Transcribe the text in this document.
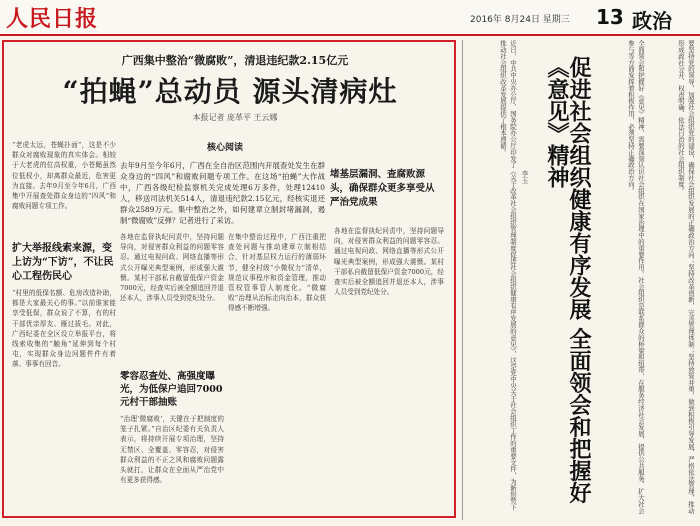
人民日报	2016年 8月24日 星期三 13 政治
广西集中整治“微腐败”，清退违纪款2.15亿元
“拍蝇”总动员 源头清病灶
本报记者 庞革平 王云娜
“老虎太远，苍蝇扑面”，这是不少群众对腐败现象的真实体会。相较于大老虎的位高权重，小苍蝇虽然位低权小，却离群众最近，危害更为直接。去年9月至今年6月，广西集中开展查处群众身边的“四风”和腐败问题专项工作。
核心阅读
去年9月至今年6月，广西在全自治区范围内开展查处发生在群众身边的“四风”和腐败问题专项工作。在这场“拍蝇”大作战中，广西各级纪检监察机关完成处理6万多件，处理12410人，移送司法机关514人，清退违纪款2.15亿元，经核实退还群众2589万元。集中整治之外，如何建章立制封堵漏洞，遏制“微腐败”反弹？记者进行了采访。
堵基层漏洞、查腐败源头，确保群众更多享受从严治党成果
扩大举报线索来源，变上访为“下访”，不让民心工程伤民心
“村里的低保名额、危房改造补助，都是大家最关心的事。”以前谁家能享受低保，群众说了不算，有的村干部优亲厚友、雁过拔毛。对此，广西纪委在全区设立举报平台，将线索收集的“触角”延伸到每个村屯，实现群众身边问题件件有着落、事事有回音。
各地在监督执纪问责中，坚持问题导向，对侵害群众利益的问题零容忍。通过电视问政、网络直播等形式公开曝光典型案例，形成强大震慑。某村干部私自截留低保户资金7000元，经查实后被全额追回并退还本人，涉事人员受到党纪处分。
零容忍查处、高强度曝光，为低保户追回7000元村干部抽账
“治理‘微腐败’，关键在于把制度的笼子扎紧。”自治区纪委有关负责人表示，将持续开展专项治理，坚持无禁区、全覆盖、零容忍，对侵害群众利益的不正之风和腐败问题露头就打，让群众在全面从严治党中有更多获得感。
在集中整治过程中，广西注重把查处问题与推动建章立制相结合，针对基层权力运行的薄弱环节，健全村级“小微权力”清单，规范议事程序和资金管理，推动管权管事管人制度化。“微腐败”治理从治标走向治本，群众获得感不断增强。
各地在监督执纪问责中，坚持问题导向，对侵害群众利益的问题零容忍。通过电视问政、网络直播等形式公开曝光典型案例，形成强大震慑。某村干部私自截留低保户资金7000元，经查实后被全额追回并退还本人，涉事人员受到党纪处分。	促进社会组织健康有序发展 全面领会和把握好《意见》精神
李玉
近日，中共中央办公厅、国务院办公厅印发了《关于改革社会组织管理制度促进社会组织健康有序发展的意见》，这是党中央关于社会组织工作的重要文件，为新形势下推动社会组织改革发展提供了根本遵循。	全面领会和把握好《意见》精神，需要深刻认识社会组织在国家治理中的重要作用。社会组织是联系群众的桥梁和纽带，在服务经济社会发展、提供公共服务、扩大社会参与等方面发挥着积极作用，必须坚持正确政治方向。	要坚持党的领导，加强社会组织党的建设，确保社会组织发展的正确政治方向；坚持改革创新，完善管理体制；坚持放管并重，做到积极引导发展、严格依法管理，推动形成政社分开、权责明确、依法自治的社会组织制度。
